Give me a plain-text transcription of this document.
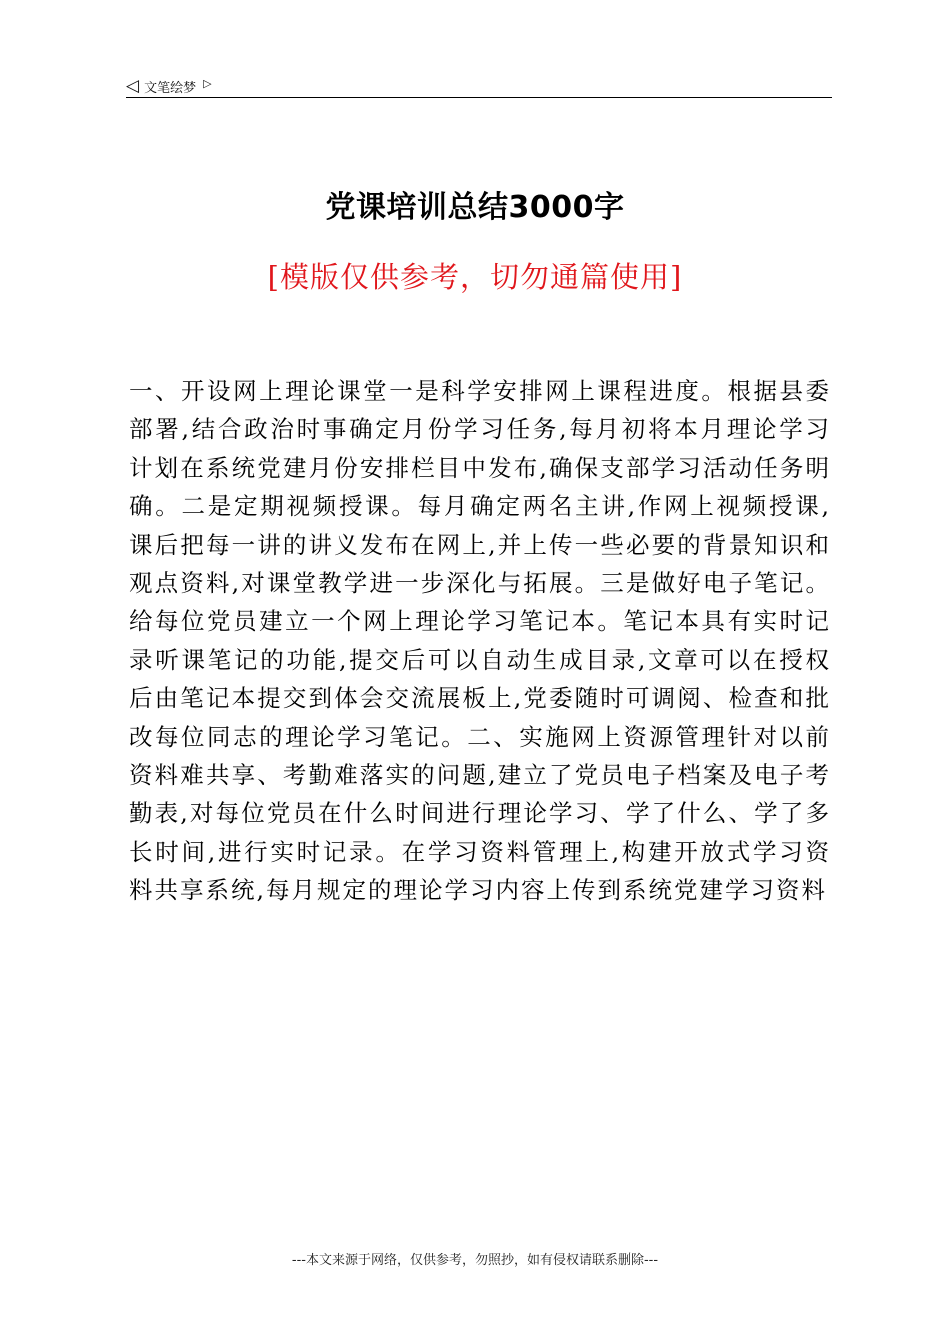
◁ 文笔绘梦 ▷
党课培训总结3000字
[模版仅供参考，切勿通篇使用]

一、开设网上理论课堂一是科学安排网上课程进度。根据县委部署,结合政治时事确定月份学习任务,每月初将本月理论学习计划在系统党建月份安排栏目中发布,确保支部学习活动任务明确。二是定期视频授课。每月确定两名主讲,作网上视频授课,课后把每一讲的讲义发布在网上,并上传一些必要的背景知识和观点资料,对课堂教学进一步深化与拓展。三是做好电子笔记。给每位党员建立一个网上理论学习笔记本。笔记本具有实时记录听课笔记的功能,提交后可以自动生成目录,文章可以在授权后由笔记本提交到体会交流展板上,党委随时可调阅、检查和批改每位同志的理论学习笔记。二、实施网上资源管理针对以前资料难共享、考勤难落实的问题,建立了党员电子档案及电子考勤表,对每位党员在什么时间进行理论学习、学了什么、学了多长时间,进行实时记录。在学习资料管理上,构建开放式学习资料共享系统,每月规定的理论学习内容上传到系统党建学习资料

---本文来源于网络，仅供参考，勿照抄，如有侵权请联系删除---
